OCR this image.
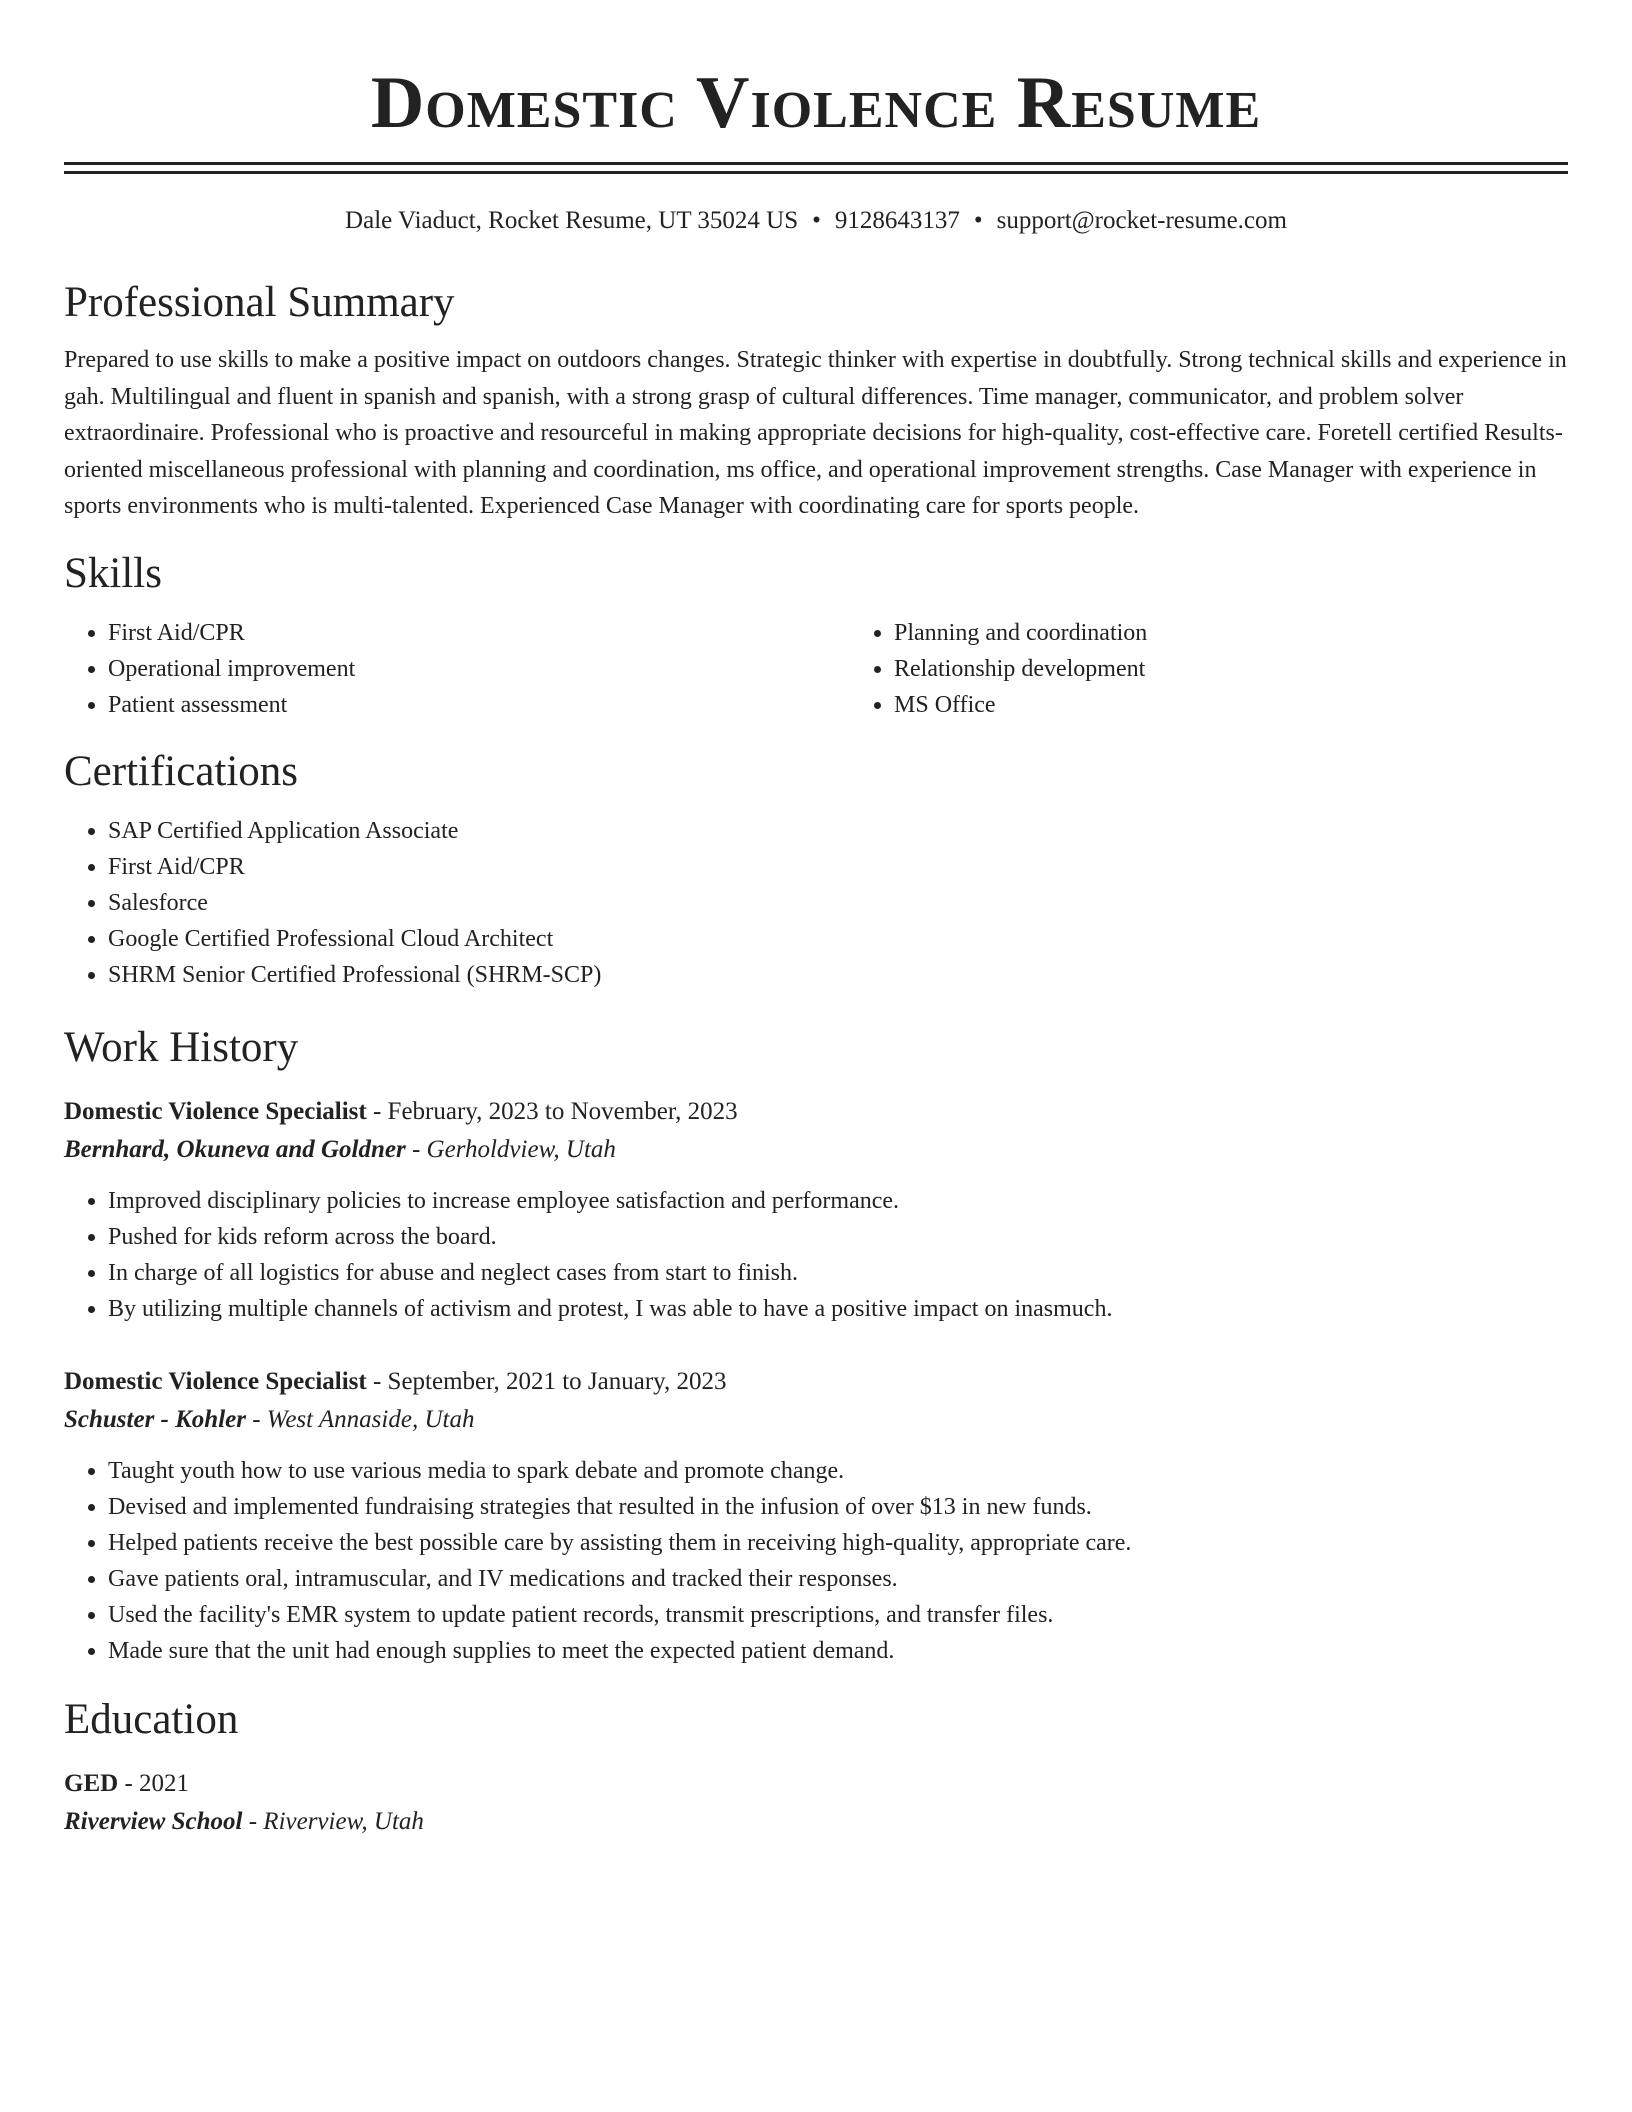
Domestic Violence Resume
Dale Viaduct, Rocket Resume, UT 35024 US • 9128643137 • support@rocket-resume.com
Professional Summary

Prepared to use skills to make a positive impact on outdoors changes. Strategic thinker with expertise in doubtfully. Strong technical skills and experience in gah. Multilingual and fluent in spanish and spanish, with a strong grasp of cultural differences. Time manager, communicator, and problem solver extraordinaire. Professional who is proactive and resourceful in making appropriate decisions for high-quality, cost-effective care. Foretell certified Results-oriented miscellaneous professional with planning and coordination, ms office, and operational improvement strengths. Case Manager with experience in sports environments who is multi-talented. Experienced Case Manager with coordinating care for sports people.

Skills
• First Aid/CPR
• Operational improvement
• Patient assessment
• Planning and coordination
• Relationship development
• MS Office
Certifications
• SAP Certified Application Associate
• First Aid/CPR
• Salesforce
• Google Certified Professional Cloud Architect
• SHRM Senior Certified Professional (SHRM-SCP)
Work History
Domestic Violence Specialist - February, 2023 to November, 2023
Bernhard, Okuneva and Goldner - Gerholdview, Utah
• Improved disciplinary policies to increase employee satisfaction and performance.
• Pushed for kids reform across the board.
• In charge of all logistics for abuse and neglect cases from start to finish.
• By utilizing multiple channels of activism and protest, I was able to have a positive impact on inasmuch.
Domestic Violence Specialist - September, 2021 to January, 2023
Schuster - Kohler - West Annaside, Utah
• Taught youth how to use various media to spark debate and promote change.
• Devised and implemented fundraising strategies that resulted in the infusion of over $13 in new funds.
• Helped patients receive the best possible care by assisting them in receiving high-quality, appropriate care.
• Gave patients oral, intramuscular, and IV medications and tracked their responses.
• Used the facility's EMR system to update patient records, transmit prescriptions, and transfer files.
• Made sure that the unit had enough supplies to meet the expected patient demand.
Education
GED - 2021
Riverview School - Riverview, Utah
